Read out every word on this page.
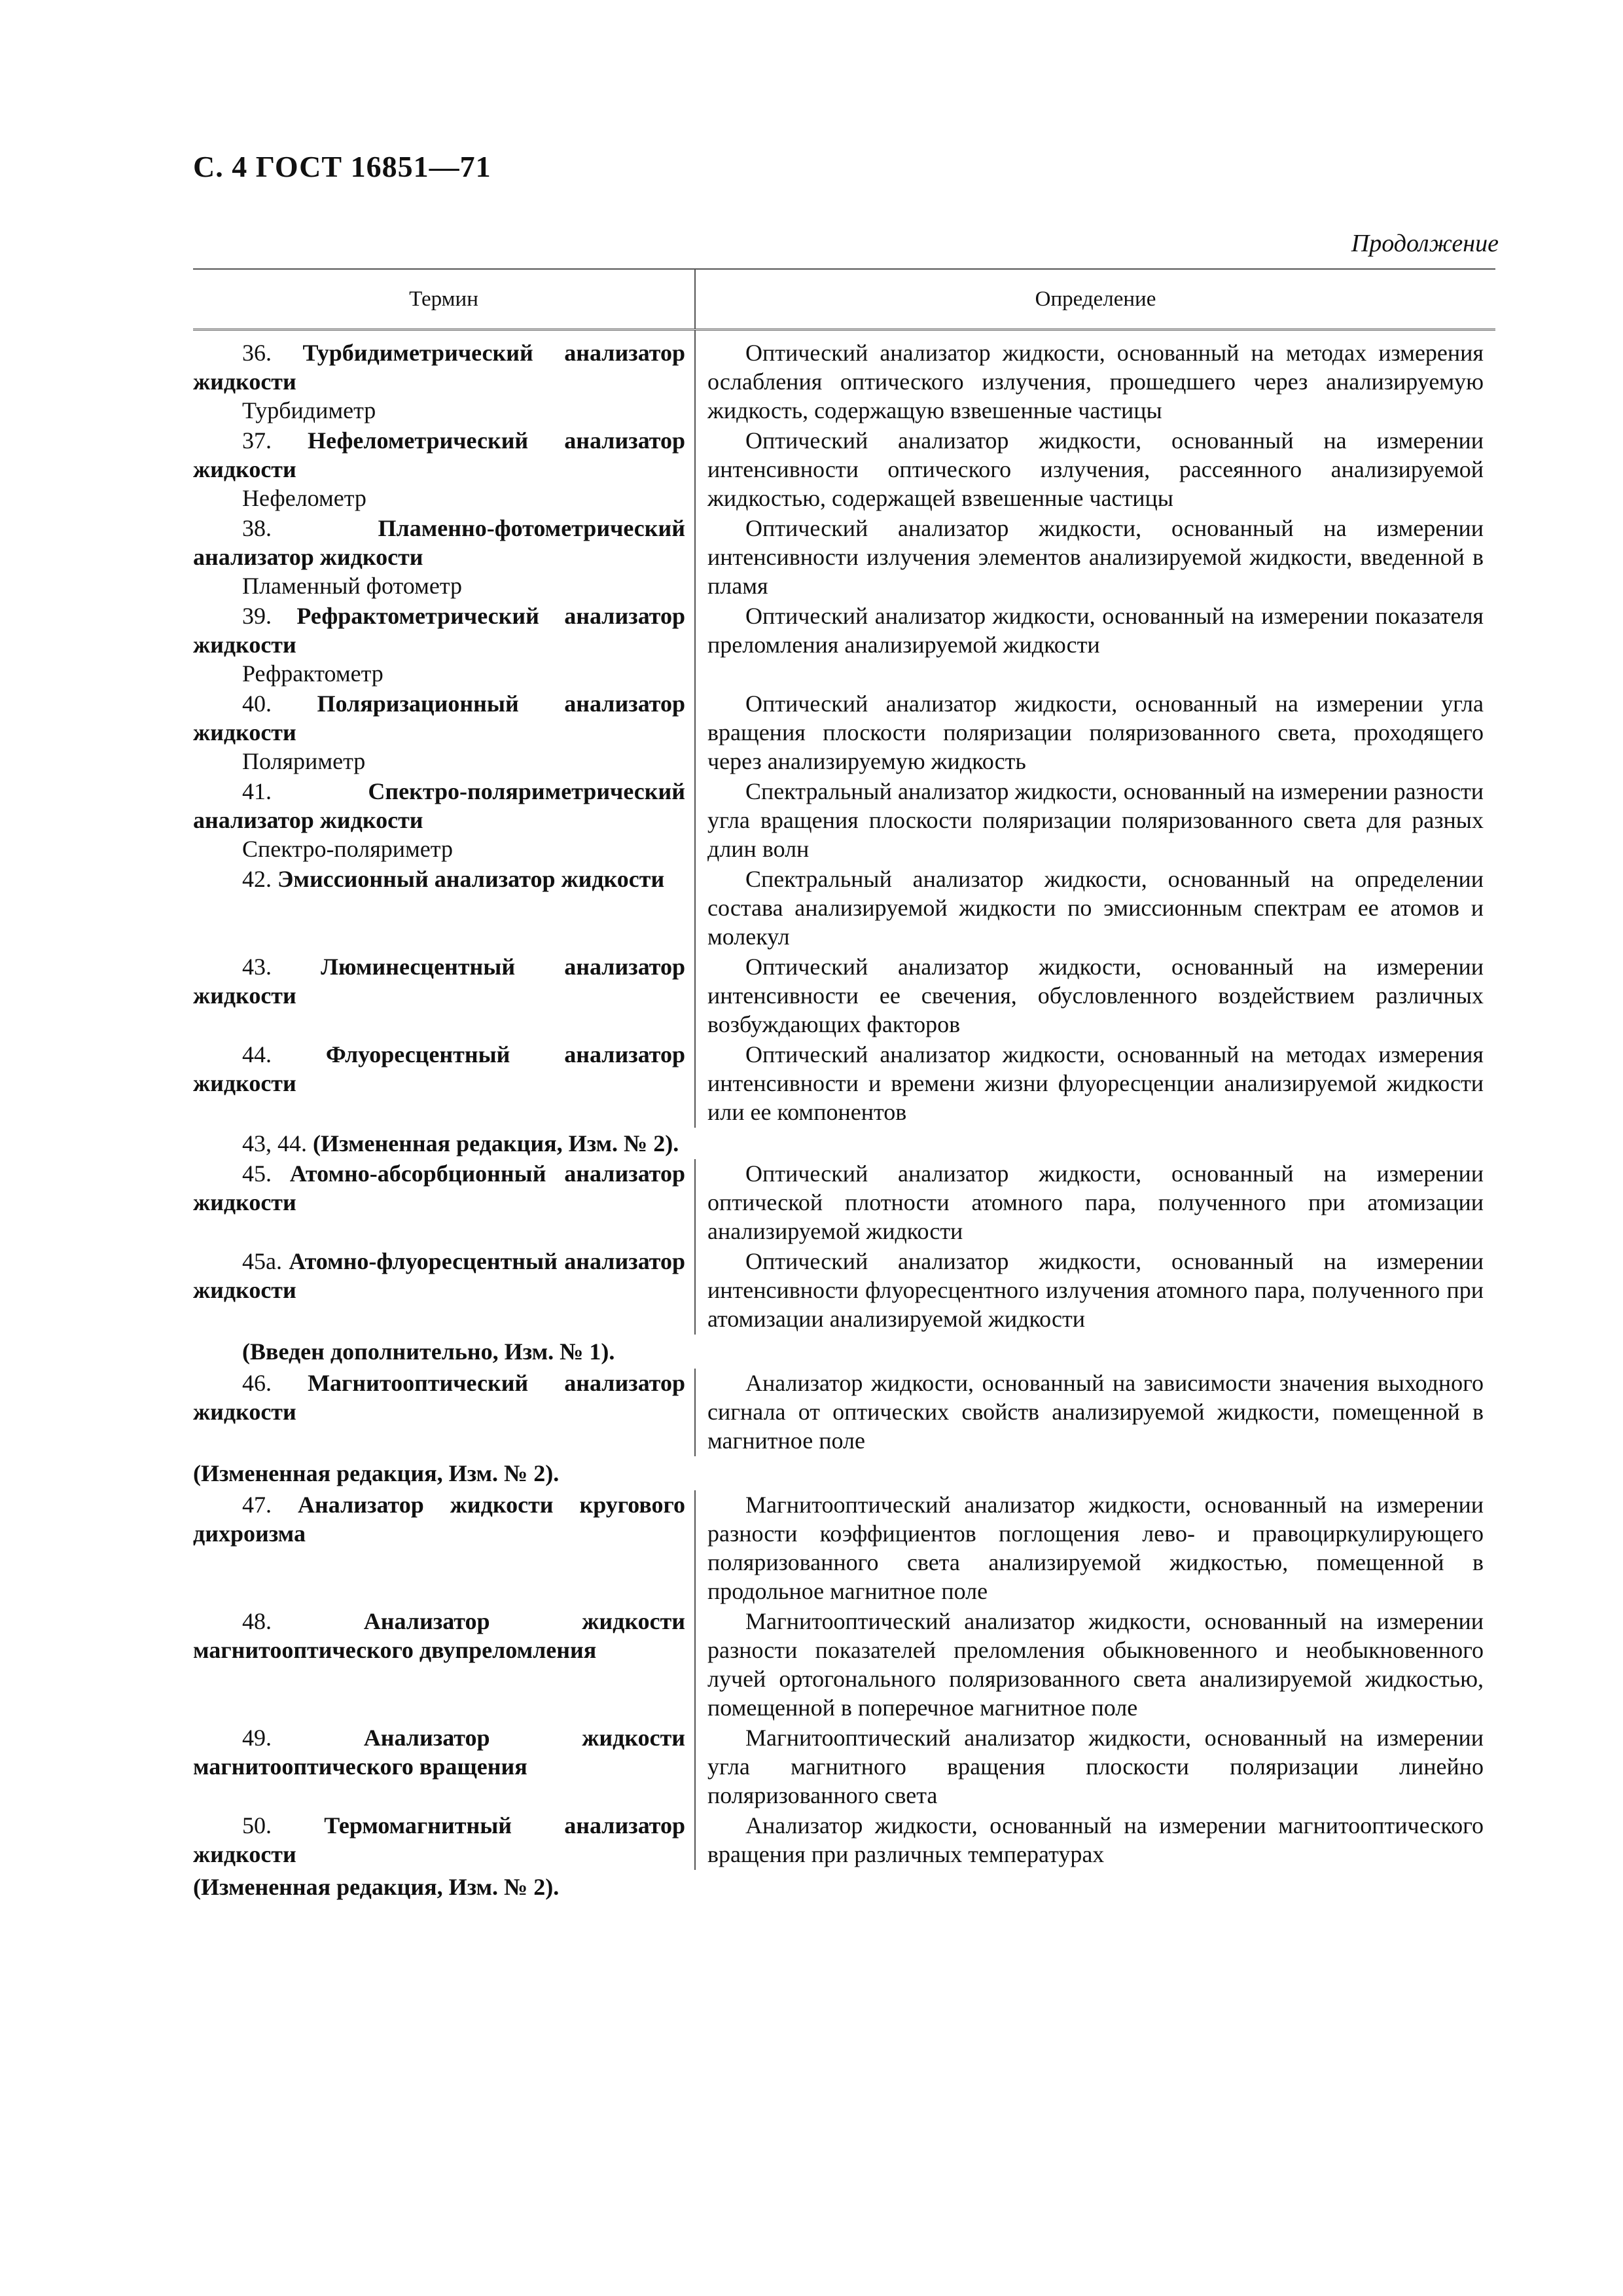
С. 4 ГОСТ 16851—71
Продолжение
Термин	Определение
36. Турбидиметрический анализатор жидкости
Турбидиметр
Оптический анализатор жидкости, основанный на методах измерения ослабления оптического излучения, прошедшего через анализируемую жидкость, содержащую взвешенные частицы
37. Нефелометрический анализатор жидкости
Нефелометр
Оптический анализатор жидкости, основанный на измерении интенсивности оптического излучения, рассеянного анализируемой жидкостью, содержащей взвешенные частицы
38. Пламенно-фотометрический анализатор жидкости
Пламенный фотометр
Оптический анализатор жидкости, основанный на измерении интенсивности излучения элементов анализируемой жидкости, введенной в пламя
39. Рефрактометрический анализатор жидкости
Рефрактометр
Оптический анализатор жидкости, основанный на измерении показателя преломления анализируемой жидкости
40. Поляризационный анализатор жидкости
Поляриметр
Оптический анализатор жидкости, основанный на измерении угла вращения плоскости поляризации поляризованного света, проходящего через анализируемую жидкость
41. Спектро-поляриметрический анализатор жидкости
Спектро-поляриметр
Спектральный анализатор жидкости, основанный на измерении разности угла вращения плоскости поляризации поляризованного света для разных длин волн
42. Эмиссионный анализатор жидкости	Спектральный анализатор жидкости, основанный на определении состава анализируемой жидкости по эмиссионным спектрам ее атомов и молекул
43. Люминесцентный анализатор жидкости
Оптический анализатор жидкости, основанный на измерении интенсивности ее свечения, обусловленного воздействием различных возбуждающих факторов
44. Флуоресцентный анализатор жидкости
Оптический анализатор жидкости, основанный на методах измерения интенсивности и времени жизни флуоресценции анализируемой жидкости или ее компонентов
43, 44. (Измененная редакция, Изм. № 2).
45. Атомно-абсорбционный анализатор жидкости
Оптический анализатор жидкости, основанный на измерении оптической плотности атомного пара, полученного при атомизации анализируемой жидкости
45а. Атомно-флуоресцентный анализатор жидкости
Оптический анализатор жидкости, основанный на измерении интенсивности флуоресцентного излучения атомного пара, полученного при атомизации анализируемой жидкости
(Введен дополнительно, Изм. № 1).
46. Магнитооптический анализатор жидкости
Анализатор жидкости, основанный на зависимости значения выходного сигнала от оптических свойств анализируемой жидкости, помещенной в магнитное поле
(Измененная редакция, Изм. № 2).
47. Анализатор жидкости кругового дихроизма
Магнитооптический анализатор жидкости, основанный на измерении разности коэффициентов поглощения лево- и правоциркулирующего поляризованного света анализируемой жидкостью, помещенной в продольное магнитное поле
48. Анализатор жидкости магнитооптического двупреломления
Магнитооптический анализатор жидкости, основанный на измерении разности показателей преломления обыкновенного и необыкновенного лучей ортогонального поляризованного света анализируемой жидкостью, помещенной в поперечное магнитное поле
49. Анализатор жидкости магнитооптического вращения
Магнитооптический анализатор жидкости, основанный на измерении угла магнитного вращения плоскости поляризации линейно поляризованного света
50. Термомагнитный анализатор жидкости
Анализатор жидкости, основанный на измерении магнитооптического вращения при различных температурах
(Измененная редакция, Изм. № 2).
